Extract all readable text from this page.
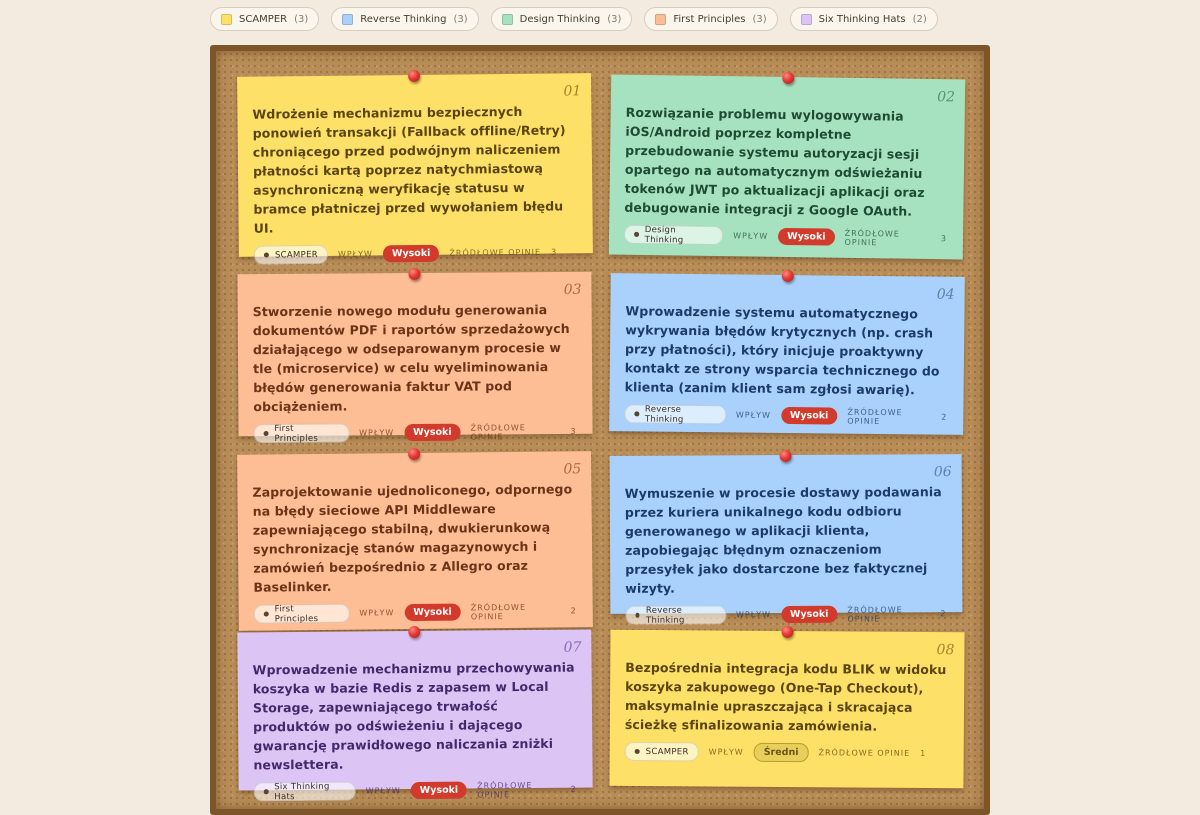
SCAMPER (3)	Reverse Thinking (3)	Design Thinking (3)	First Principles (3)	Six Thinking Hats (2)
01
Wdrożenie mechanizmu bezpiecznych ponowień transakcji (Fallback offline/Retry) chroniącego przed podwójnym naliczeniem płatności kartą poprzez natychmiastową asynchroniczną weryfikację statusu w bramce płatniczej przed wywołaniem błędu UI.
SCAMPER WPŁYW	Wysoki	ŹRÓDŁOWE OPINIE 3
02
Rozwiązanie problemu wylogowywania iOS/Android poprzez kompletne przebudowanie systemu autoryzacji sesji opartego na automatycznym odświeżaniu tokenów JWT po aktualizacji aplikacji oraz debugowanie integracji z Google OAuth.
Design Thinking	WPŁYW	Wysoki	ŹRÓDŁOWE OPINIE	3
03
Stworzenie nowego modułu generowania dokumentów PDF i raportów sprzedażowych działającego w odseparowanym procesie w tle (microservice) w celu wyeliminowania błędów generowania faktur VAT pod obciążeniem.
First Principles
WPŁYW	Wysoki	ŹRÓDŁOWE OPINIE
3
04
Wprowadzenie systemu automatycznego wykrywania błędów krytycznych (np. crash przy płatności), który inicjuje proaktywny kontakt ze strony wsparcia technicznego do klienta (zanim klient sam zgłosi awarię).
Reverse Thinking	WPŁYW	Wysoki	ŹRÓDŁOWE OPINIE	2
05
Zaprojektowanie ujednoliconego, odpornego na błędy sieciowe API Middleware zapewniającego stabilną, dwukierunkową synchronizację stanów magazynowych i zamówień bezpośrednio z Allegro oraz Baselinker.
First Principles
WPŁYW	Wysoki	ŹRÓDŁOWE OPINIE
2
06
Wymuszenie w procesie dostawy podawania przez kuriera unikalnego kodu odbioru generowanego w aplikacji klienta, zapobiegając błędnym oznaczeniom przesyłek jako dostarczone bez faktycznej wizyty.
Reverse Thinking
WPŁYW	Wysoki	ŹRÓDŁOWE OPINIE
2
07
Wprowadzenie mechanizmu przechowywania koszyka w bazie Redis z zapasem w Local Storage, zapewniającego trwałość produktów po odświeżeniu i dającego gwarancję prawidłowego naliczania zniżki newslettera.
Six Thinking Hats
WPŁYW	Wysoki	ŹRÓDŁOWE OPINIE
2
08
Bezpośrednia integracja kodu BLIK w widoku koszyka zakupowego (One-Tap Checkout), maksymalnie upraszczająca i skracająca ścieżkę sfinalizowania zamówienia.
SCAMPER WPŁYW	Średni	ŹRÓDŁOWE OPINIE 1
